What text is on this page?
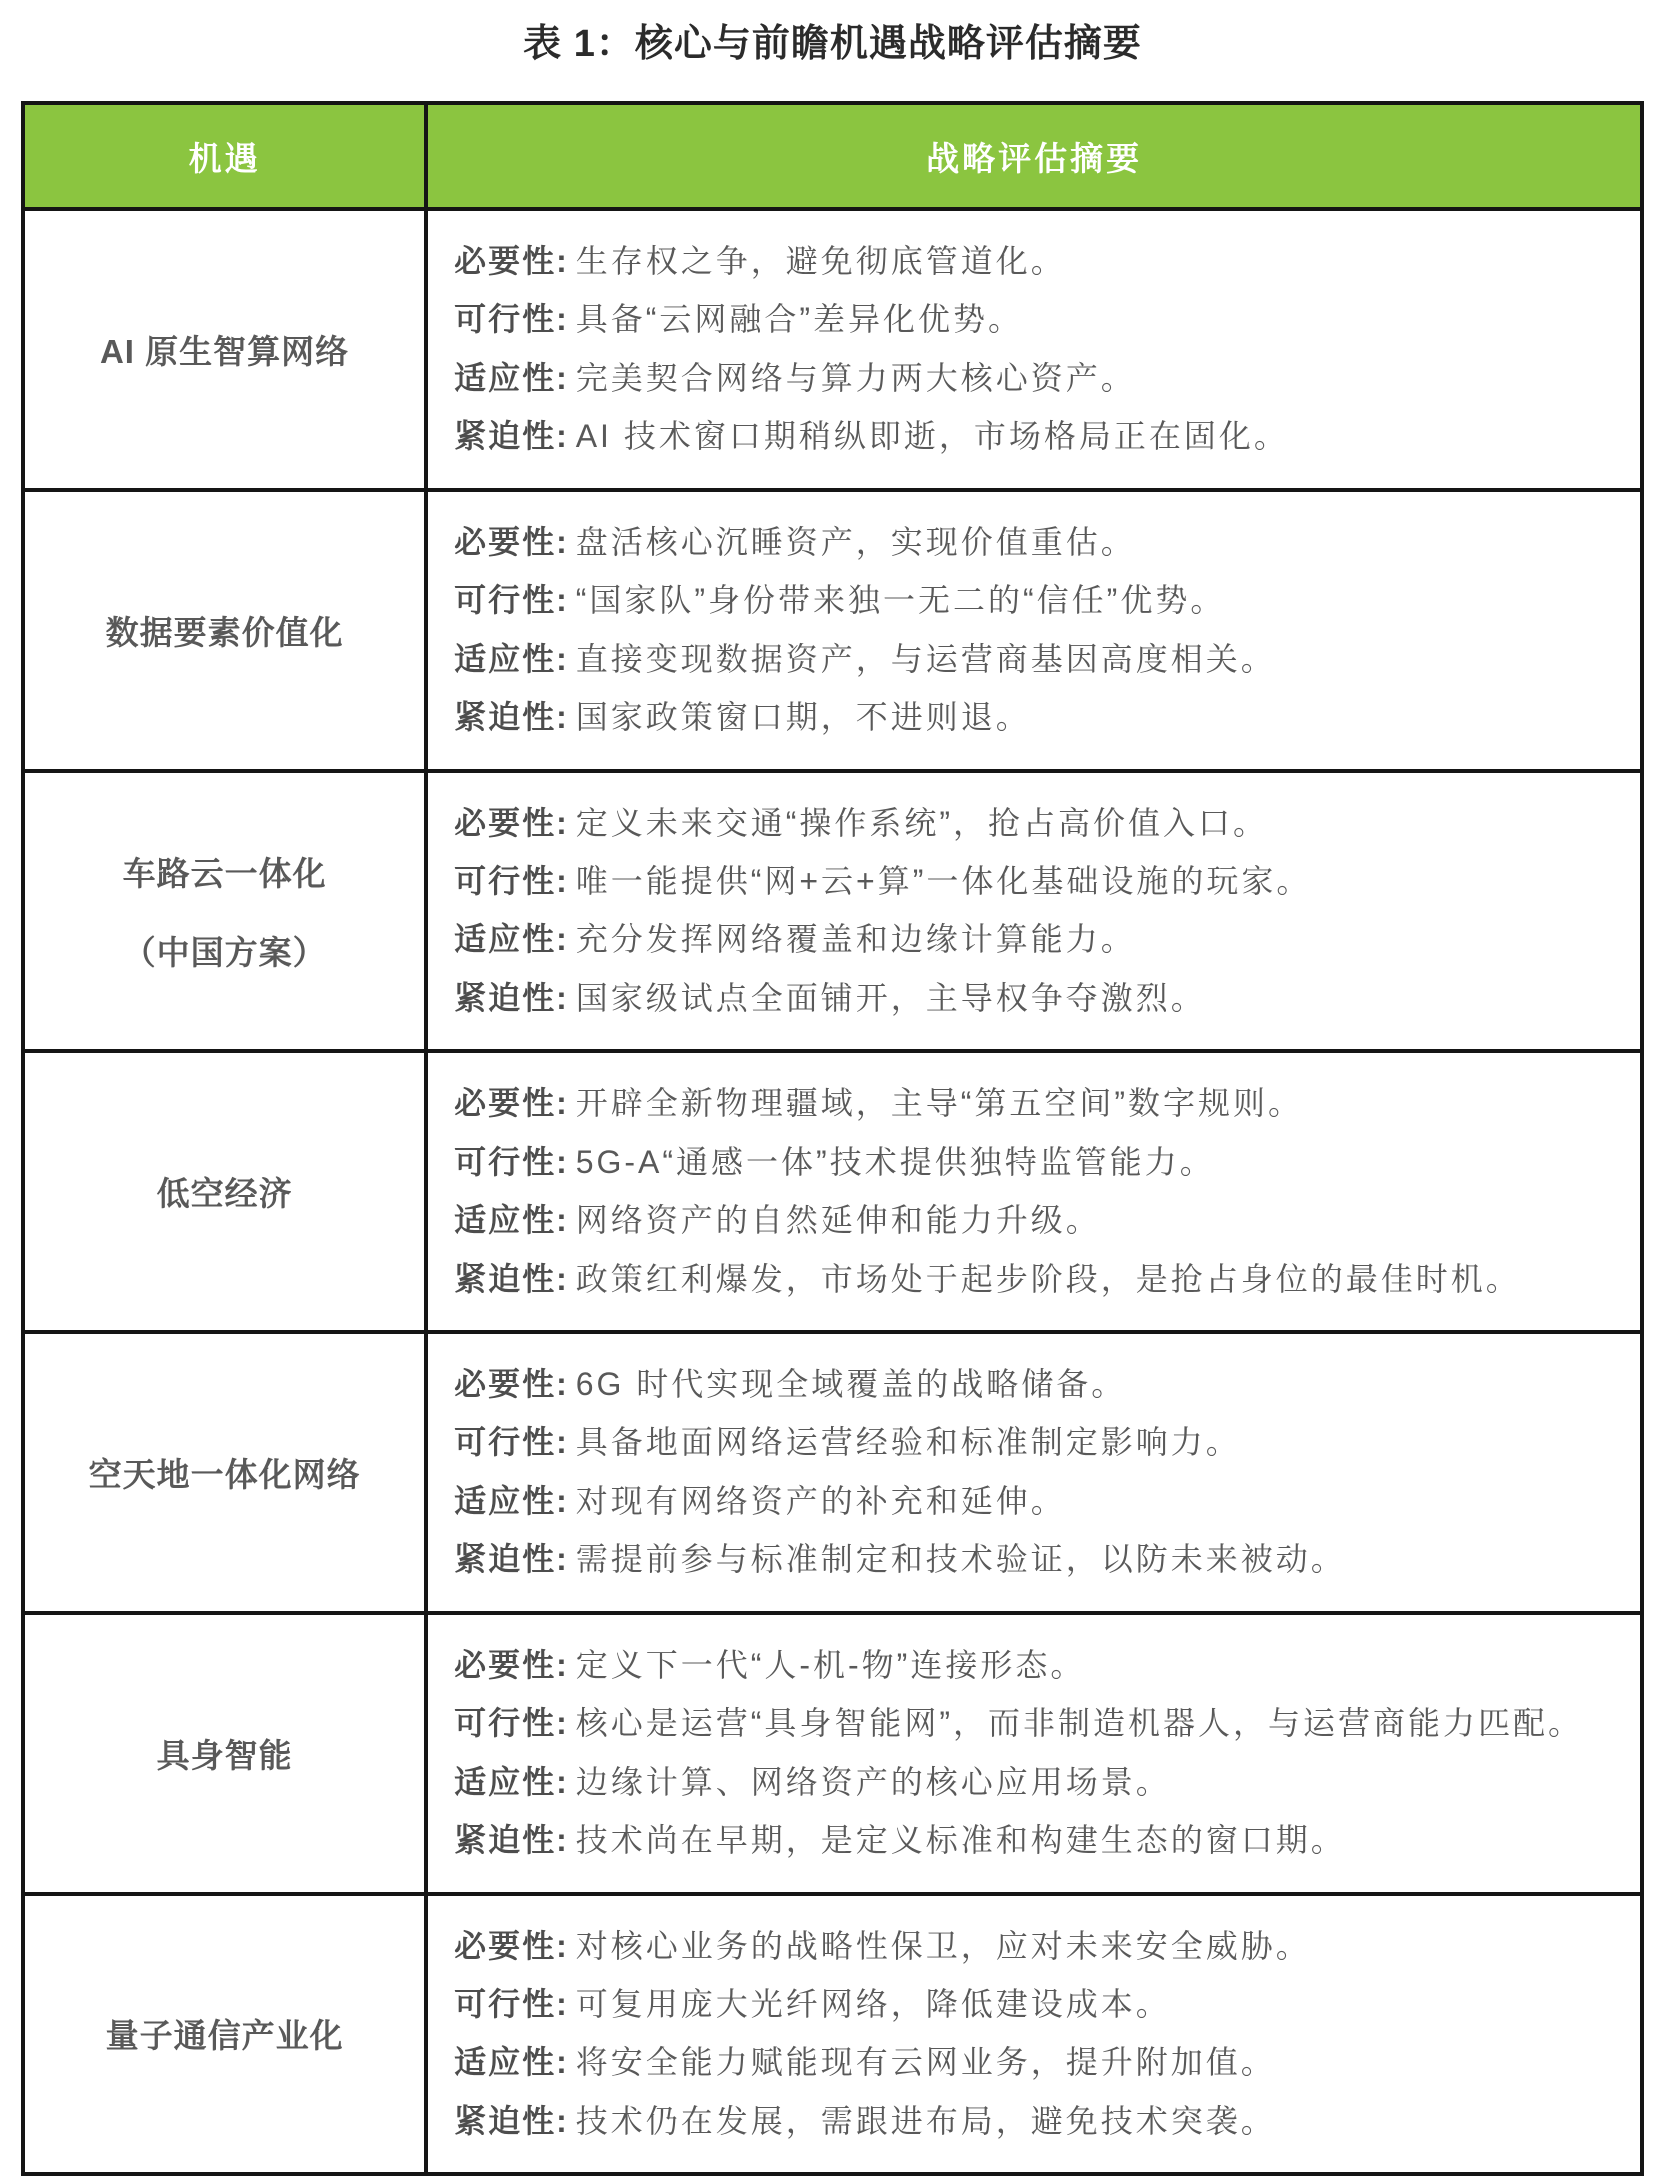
表 1：核心与前瞻机遇战略评估摘要
机遇	战略评估摘要

AI 原生智算网络	必要性: 生存权之争，避免彻底管道化。

可行性: 具备“云网融合”差异化优势。

适应性: 完美契合网络与算力两大核心资产。

紧迫性: AI 技术窗口期稍纵即逝，市场格局正在固化。

数据要素价值化	必要性: 盘活核心沉睡资产，实现价值重估。

可行性: “国家队”身份带来独一无二的“信任”优势。

适应性: 直接变现数据资产，与运营商基因高度相关。

紧迫性: 国家政策窗口期，不进则退。

车路云一体化
（中国方案）

必要性: 定义未来交通“操作系统”，抢占高价值入口。

可行性: 唯一能提供“网+云+算”一体化基础设施的玩家。

适应性: 充分发挥网络覆盖和边缘计算能力。

紧迫性: 国家级试点全面铺开，主导权争夺激烈。

低空经济	必要性: 开辟全新物理疆域，主导“第五空间”数字规则。

可行性: 5G-A“通感一体”技术提供独特监管能力。

适应性: 网络资产的自然延伸和能力升级。

紧迫性: 政策红利爆发，市场处于起步阶段，是抢占身位的最佳时机。

空天地一体化网络	必要性: 6G 时代实现全域覆盖的战略储备。

可行性: 具备地面网络运营经验和标准制定影响力。

适应性: 对现有网络资产的补充和延伸。

紧迫性: 需提前参与标准制定和技术验证，以防未来被动。

具身智能	必要性: 定义下一代“人-机-物”连接形态。

可行性: 核心是运营“具身智能网”，而非制造机器人，与运营商能力匹配。

适应性: 边缘计算、网络资产的核心应用场景。

紧迫性: 技术尚在早期，是定义标准和构建生态的窗口期。

量子通信产业化	必要性: 对核心业务的战略性保卫，应对未来安全威胁。

可行性: 可复用庞大光纤网络，降低建设成本。

适应性: 将安全能力赋能现有云网业务，提升附加值。

紧迫性: 技术仍在发展，需跟进布局，避免技术突袭。
